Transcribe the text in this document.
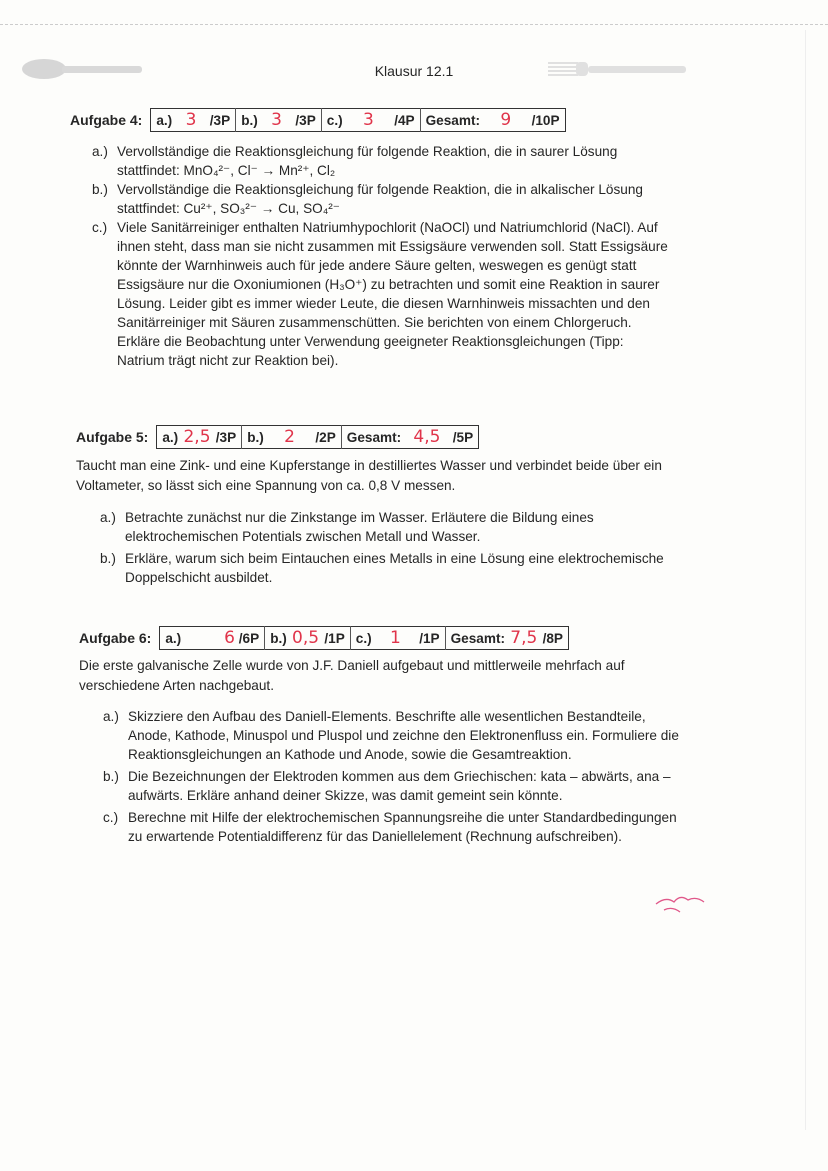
Klausur 12.1
Aufgabe 4: a.) 3 /3P	b.) 3 /3P	c.) 3 /4P	Gesamt: 9 /10P
a.) Vervollständige die Reaktionsgleichung für folgende Reaktion, die in saurer Lösung
stattfindet: MnO₄²⁻, Cl⁻ → Mn²⁺, Cl₂
b.) Vervollständige die Reaktionsgleichung für folgende Reaktion, die in alkalischer Lösung
stattfindet: Cu²⁺, SO₃²⁻ → Cu, SO₄²⁻
c.) Viele Sanitärreiniger enthalten Natriumhypochlorit (NaOCl) und Natriumchlorid (NaCl). Auf
ihnen steht, dass man sie nicht zusammen mit Essigsäure verwenden soll. Statt Essigsäure
könnte der Warnhinweis auch für jede andere Säure gelten, weswegen es genügt statt
Essigsäure nur die Oxoniumionen (H₃O⁺) zu betrachten und somit eine Reaktion in saurer
Lösung. Leider gibt es immer wieder Leute, die diesen Warnhinweis missachten und den
Sanitärreiniger mit Säuren zusammenschütten. Sie berichten von einem Chlorgeruch.
Erkläre die Beobachtung unter Verwendung geeigneter Reaktionsgleichungen (Tipp:
Natrium trägt nicht zur Reaktion bei).
Aufgabe 5: a.) 2,5 /3P	b.) 2 /2P	Gesamt: 4,5 /5P
Taucht man eine Zink- und eine Kupferstange in destilliertes Wasser und verbindet beide über ein
Voltameter, so lässt sich eine Spannung von ca. 0,8 V messen.
a.) Betrachte zunächst nur die Zinkstange im Wasser. Erläutere die Bildung eines
elektrochemischen Potentials zwischen Metall und Wasser.
b.) Erkläre, warum sich beim Eintauchen eines Metalls in eine Lösung eine elektrochemische
Doppelschicht ausbildet.
Aufgabe 6: a.)	6 /6P	b.) 0,5 /1P	c.) 1 /1P	Gesamt: 7,5 /8P
Die erste galvanische Zelle wurde von J.F. Daniell aufgebaut und mittlerweile mehrfach auf
verschiedene Arten nachgebaut.
a.) Skizziere den Aufbau des Daniell-Elements. Beschrifte alle wesentlichen Bestandteile,
Anode, Kathode, Minuspol und Pluspol und zeichne den Elektronenfluss ein. Formuliere die
Reaktionsgleichungen an Kathode und Anode, sowie die Gesamtreaktion.
b.) Die Bezeichnungen der Elektroden kommen aus dem Griechischen: kata – abwärts, ana –
aufwärts. Erkläre anhand deiner Skizze, was damit gemeint sein könnte.
c.) Berechne mit Hilfe der elektrochemischen Spannungsreihe die unter Standardbedingungen
zu erwartende Potentialdifferenz für das Daniellelement (Rechnung aufschreiben).
